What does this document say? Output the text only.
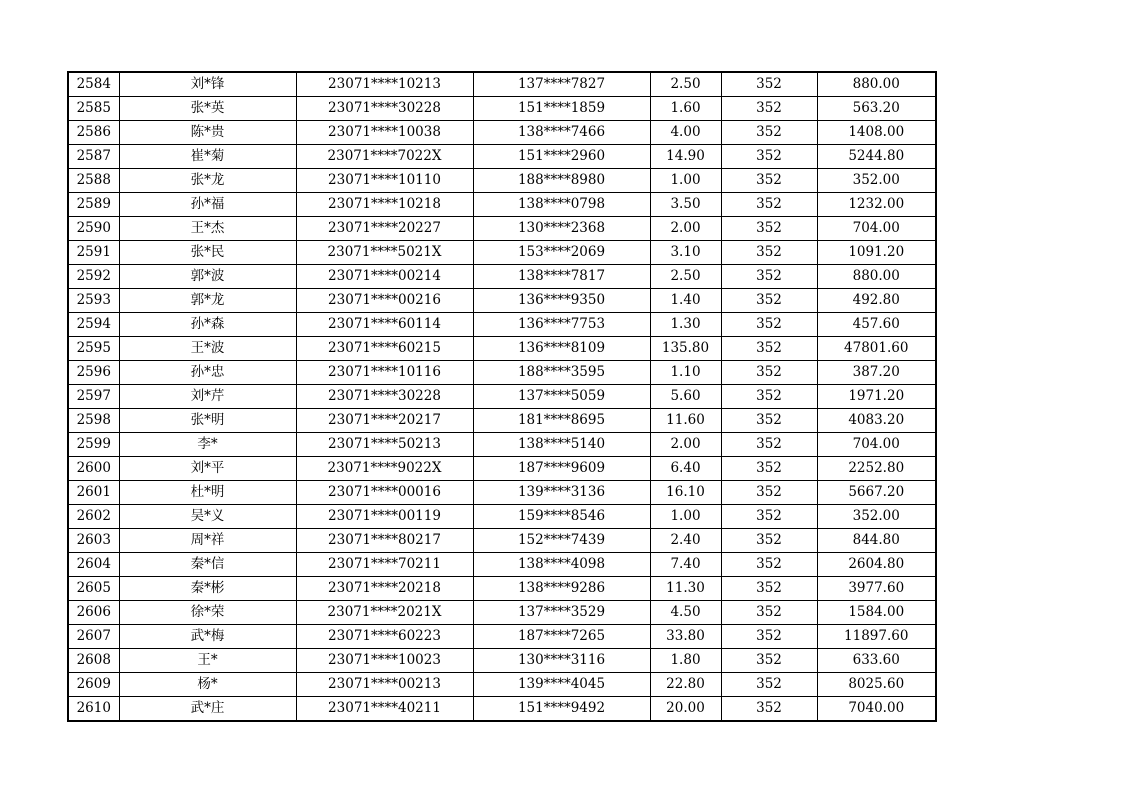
2584	刘*锋	23071****10213	137****7827	2.50	352	880.00
2585	张*英	23071****30228	151****1859	1.60	352	563.20
2586	陈*贵	23071****10038	138****7466	4.00	352	1408.00
2587	崔*菊	23071****7022X	151****2960	14.90	352	5244.80
2588	张*龙	23071****10110	188****8980	1.00	352	352.00
2589	孙*福	23071****10218	138****0798	3.50	352	1232.00
2590	王*杰	23071****20227	130****2368	2.00	352	704.00
2591	张*民	23071****5021X	153****2069	3.10	352	1091.20
2592	郭*波	23071****00214	138****7817	2.50	352	880.00
2593	郭*龙	23071****00216	136****9350	1.40	352	492.80
2594	孙*森	23071****60114	136****7753	1.30	352	457.60
2595	王*波	23071****60215	136****8109	135.80	352	47801.60
2596	孙*忠	23071****10116	188****3595	1.10	352	387.20
2597	刘*芹	23071****30228	137****5059	5.60	352	1971.20
2598	张*明	23071****20217	181****8695	11.60	352	4083.20
2599	李*	23071****50213	138****5140	2.00	352	704.00
2600	刘*平	23071****9022X	187****9609	6.40	352	2252.80
2601	杜*明	23071****00016	139****3136	16.10	352	5667.20
2602	吴*义	23071****00119	159****8546	1.00	352	352.00
2603	周*祥	23071****80217	152****7439	2.40	352	844.80
2604	秦*信	23071****70211	138****4098	7.40	352	2604.80
2605	秦*彬	23071****20218	138****9286	11.30	352	3977.60
2606	徐*荣	23071****2021X	137****3529	4.50	352	1584.00
2607	武*梅	23071****60223	187****7265	33.80	352	11897.60
2608	王*	23071****10023	130****3116	1.80	352	633.60
2609	杨*	23071****00213	139****4045	22.80	352	8025.60
2610	武*庄	23071****40211	151****9492	20.00	352	7040.00
